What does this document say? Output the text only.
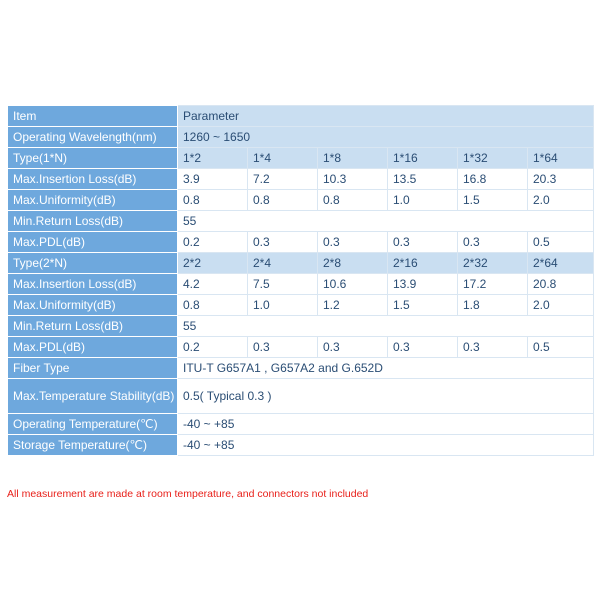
Item	Parameter					
Operating Wavelength(nm)	1260 ~ 1650					
Type(1*N)	1*2	1*4	1*8	1*16	1*32	1*64
Max.Insertion Loss(dB)	3.9	7.2	10.3	13.5	16.8	20.3
Max.Uniformity(dB)	0.8	0.8	0.8	1.0	1.5	2.0
Min.Return Loss(dB)	55					
Max.PDL(dB)	0.2	0.3	0.3	0.3	0.3	0.5
Type(2*N)	2*2	2*4	2*8	2*16	2*32	2*64
Max.Insertion Loss(dB)	4.2	7.5	10.6	13.9	17.2	20.8
Max.Uniformity(dB)	0.8	1.0	1.2	1.5	1.8	2.0
Min.Return Loss(dB)	55					
Max.PDL(dB)	0.2	0.3	0.3	0.3	0.3	0.5
Fiber Type	ITU-T G657A1 , G657A2 and G.652D					
Max.Temperature Stability(dB)	0.5( Typical 0.3 )					
Operating Temperature(℃)	-40 ~ +85					
Storage Temperature(℃)	-40 ~ +85					
All measurement are made at room temperature, and connectors not included
